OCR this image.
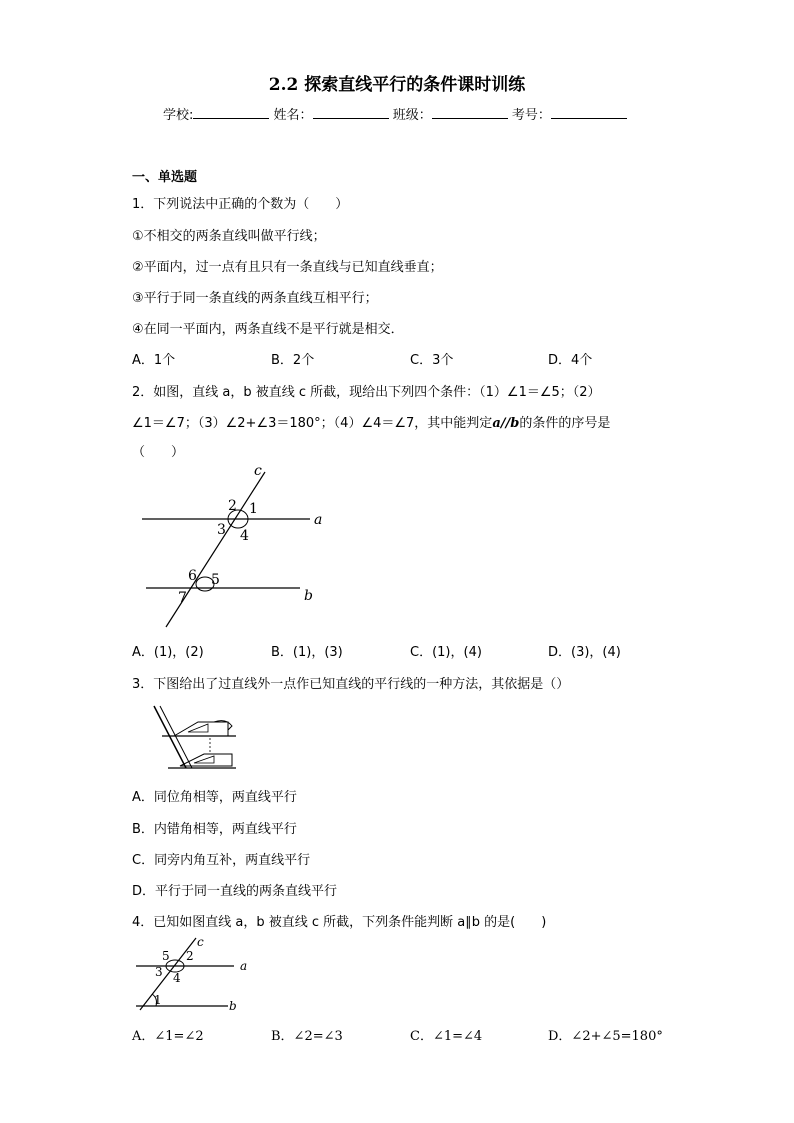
2.2 探索直线平行的条件课时训练
学校:	姓名：	班级：	考号：
一、单选题
1．下列说法中正确的个数为（　　）
①不相交的两条直线叫做平行线；
②平面内，过一点有且只有一条直线与已知直线垂直；
③平行于同一条直线的两条直线互相平行；
④在同一平面内，两条直线不是平行就是相交．
A．1个	B．2个	C．3个	D．4个
2．如图，直线 a，b 被直线 c 所截，现给出下列四个条件：（1）∠1＝∠5；（2）
∠1＝∠7；（3）∠2+∠3＝180°；（4）∠4＝∠7，其中能判定a//b的条件的序号是
（　　）
c
a
b
2 1
3 4
6 5
7
A．(1)，(2)	B．(1)，(3)	C．(1)，(4)	D．(3)，(4)
3．下图给出了过直线外一点作已知直线的平行线的一种方法，其依据是（）
A．同位角相等，两直线平行
B．内错角相等，两直线平行
C．同旁内角互补，两直线平行
D．平行于同一直线的两条直线平行
4．已知如图直线 a，b 被直线 c 所截，下列条件能判断 a∥b 的是(　　)
c
a
b
5 2
3 4
1
A．∠1=∠2	B．∠2=∠3	C．∠1=∠4	D．∠2+∠5=180°
